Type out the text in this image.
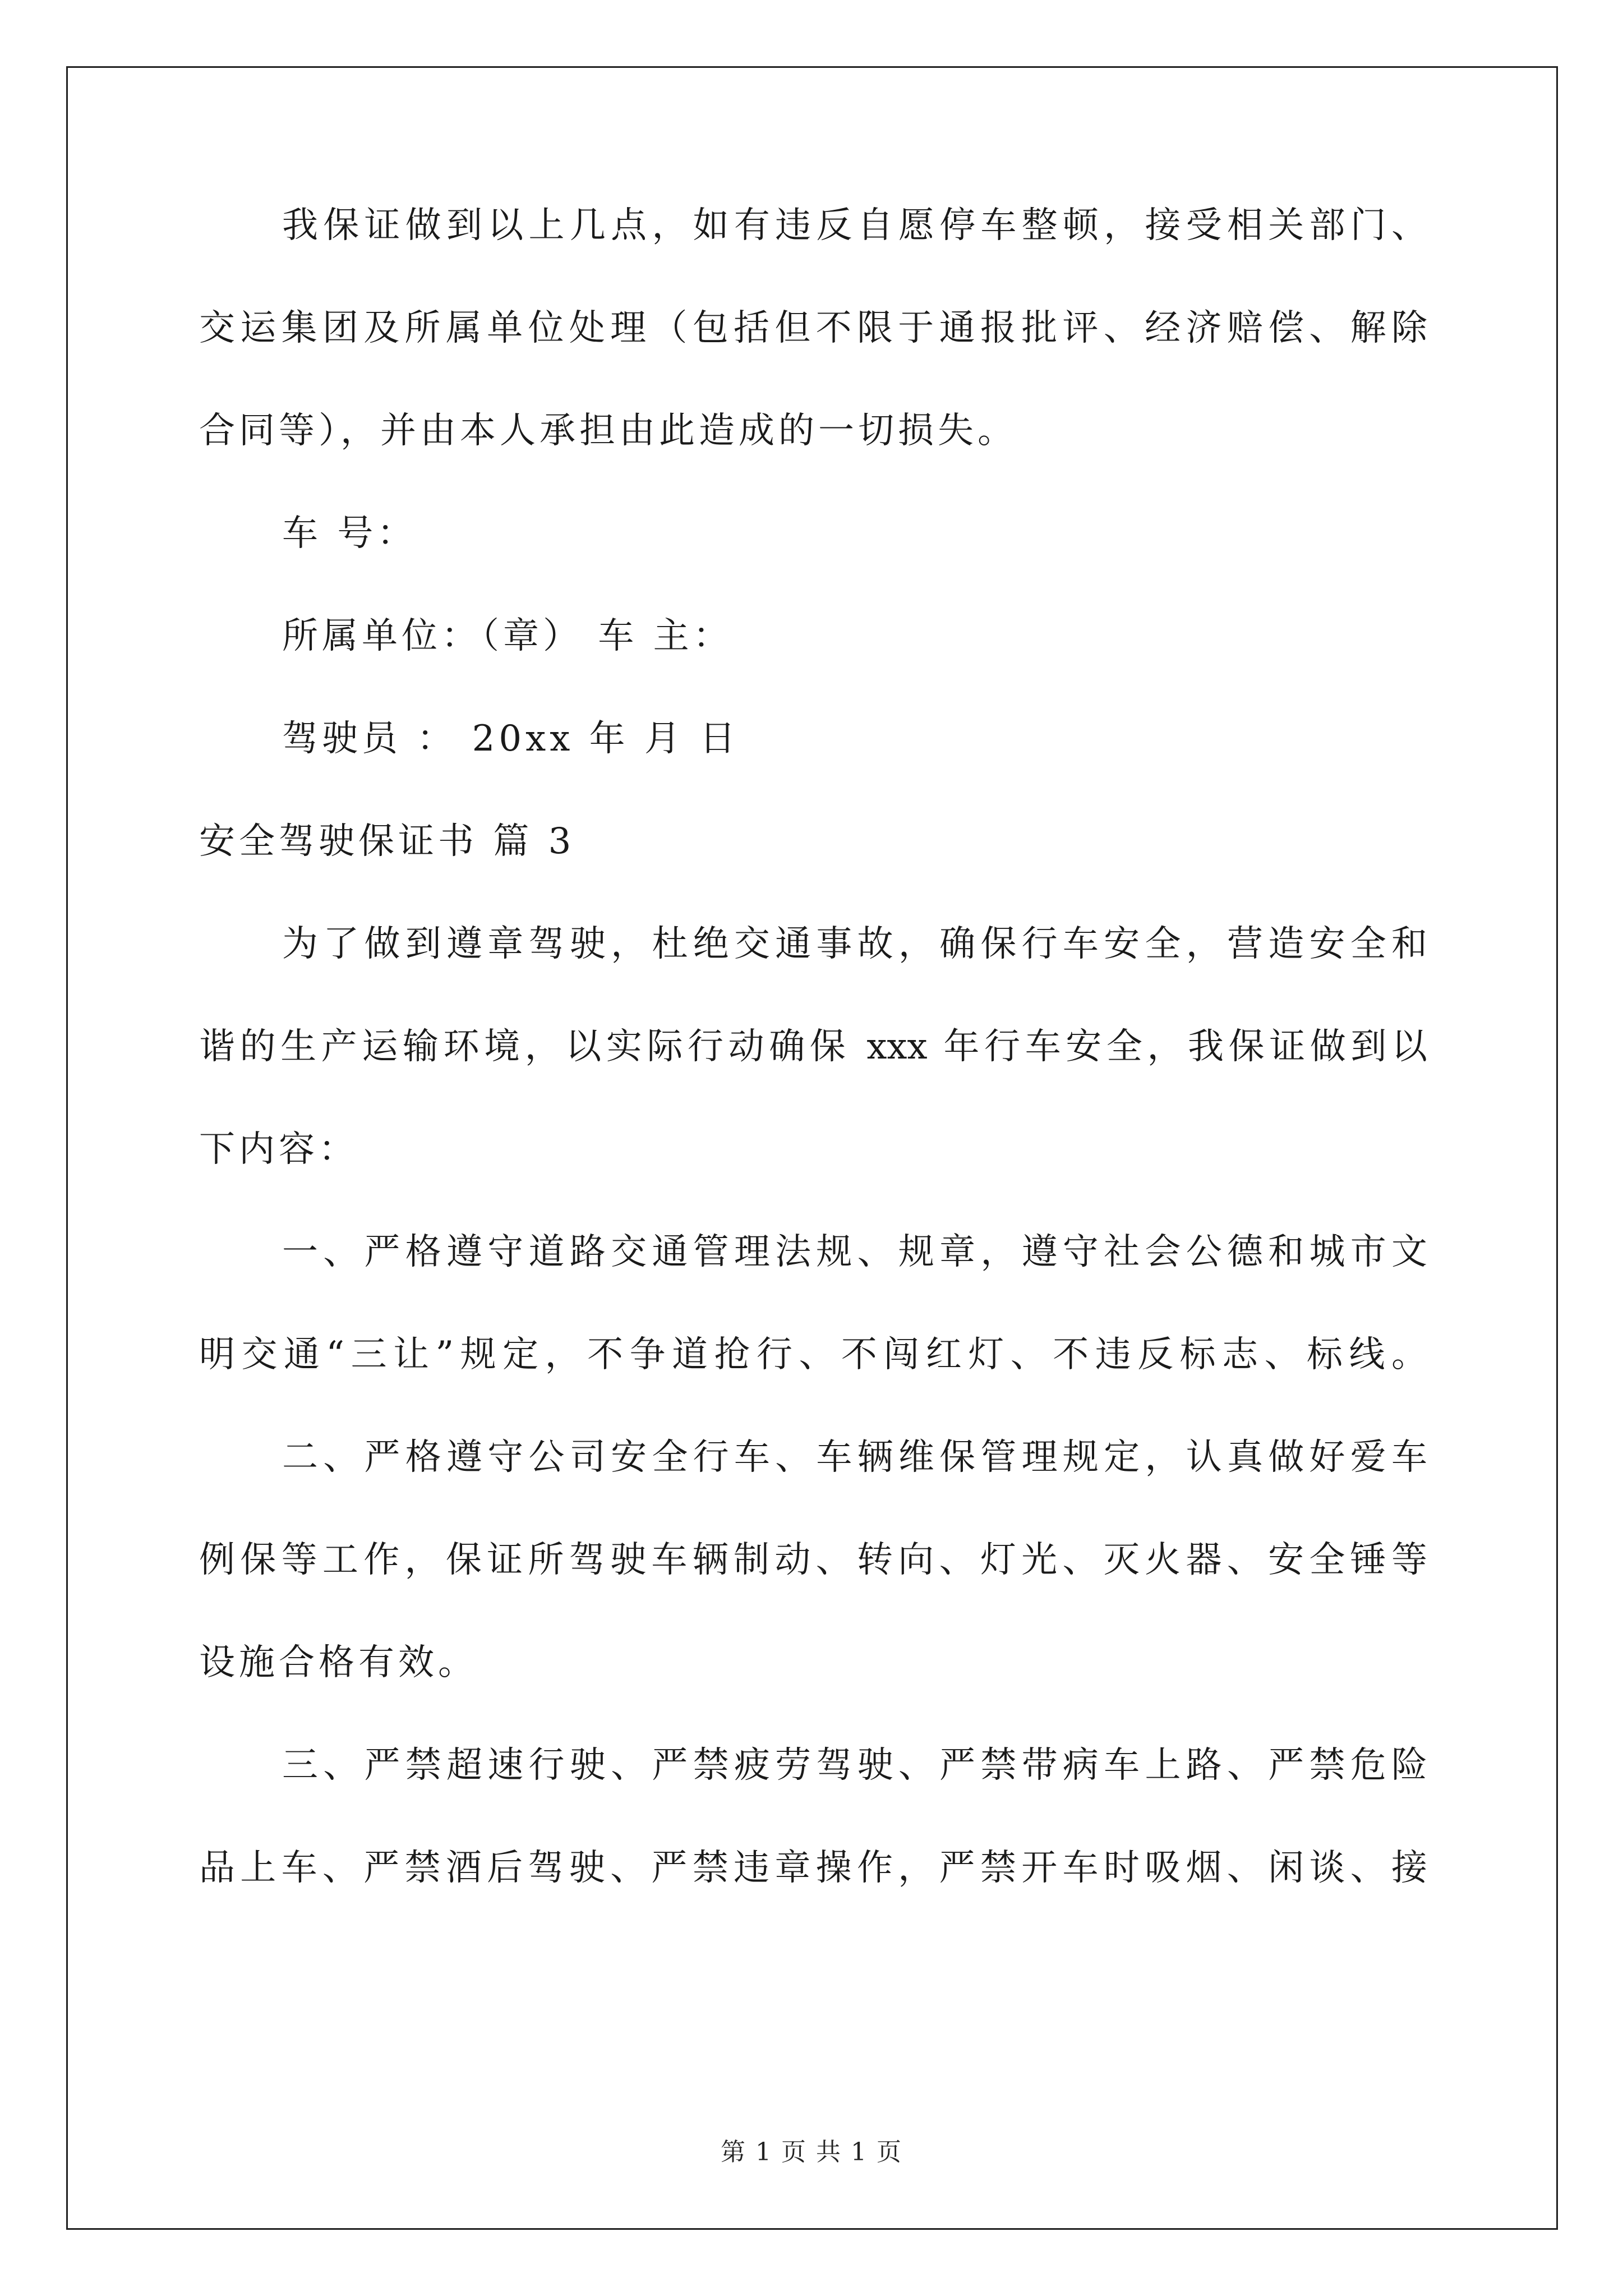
我保证做到以上几点，如有违反自愿停车整顿，接受相关部门、
交运集团及所属单位处理（包括但不限于通报批评、经济赔偿、解除
合同等），并由本人承担由此造成的一切损失。
车 号：
所属单位：（章） 车 主：
驾驶员 ： 20xx 年 月 日
安全驾驶保证书 篇 3
为了做到遵章驾驶，杜绝交通事故，确保行车安全，营造安全和
谐的生产运输环境，以实际行动确保 xxx 年行车安全，我保证做到以
下内容：
一、严格遵守道路交通管理法规、规章，遵守社会公德和城市文
明交通“三让”规定，不争道抢行、不闯红灯、不违反标志、标线。
二、严格遵守公司安全行车、车辆维保管理规定，认真做好爱车
例保等工作，保证所驾驶车辆制动、转向、灯光、灭火器、安全锤等
设施合格有效。
三、严禁超速行驶、严禁疲劳驾驶、严禁带病车上路、严禁危险
品上车、严禁酒后驾驶、严禁违章操作，严禁开车时吸烟、闲谈、接
第 1 页 共 1 页
